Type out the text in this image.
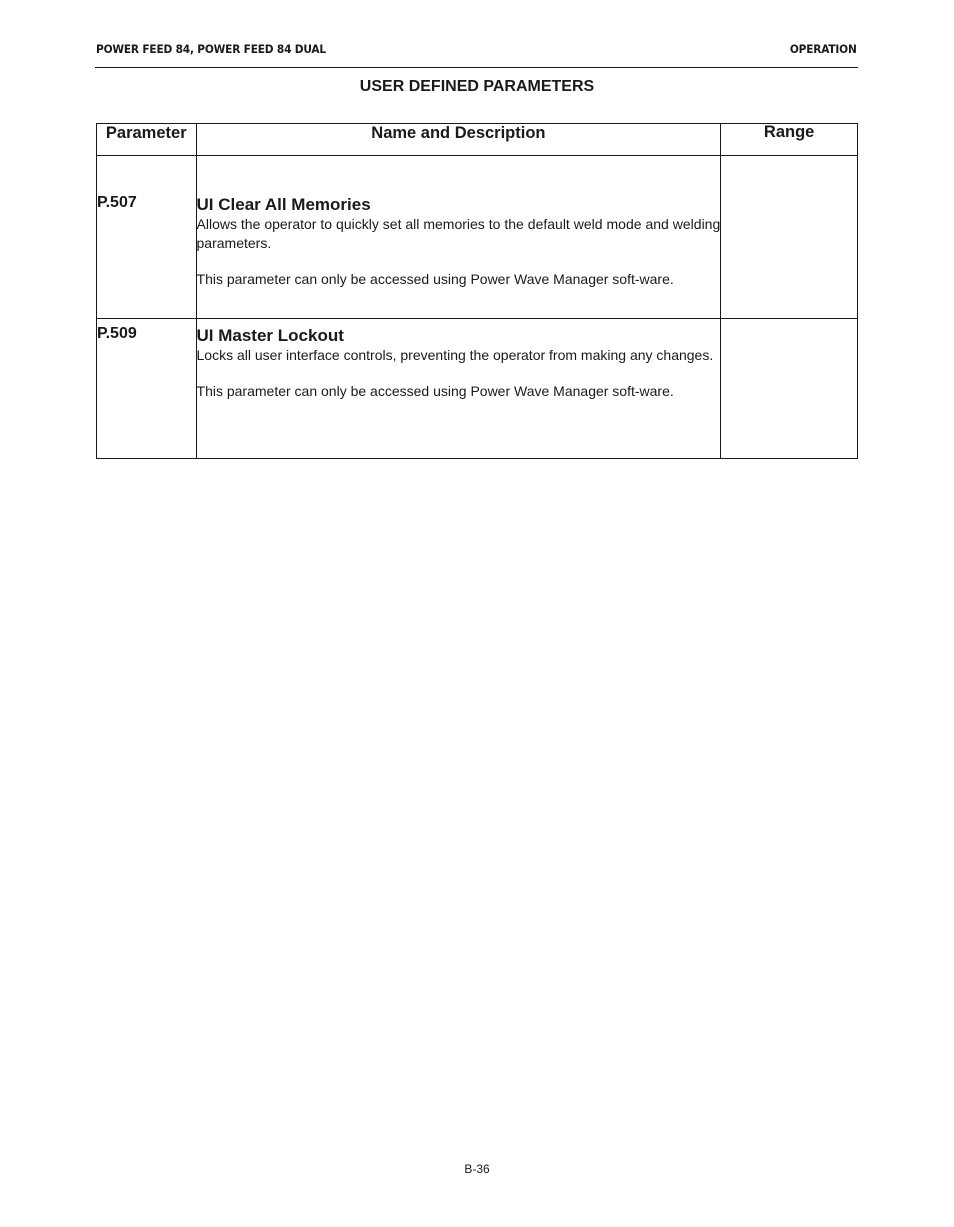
POWER FEED 84, POWER FEED 84 DUAL	OPERATION
USER DEFINED PARAMETERS
Parameter	Name and Description	Range

P.507	UI Clear All Memories

Allows the operator to quickly set all memories to the default weld mode and welding parameters.

This parameter can only be accessed using Power Wave Manager soft-ware.	

P.509	UI Master Lockout

Locks all user interface controls, preventing the operator from making any changes.

This parameter can only be accessed using Power Wave Manager soft-ware.	

B-36
